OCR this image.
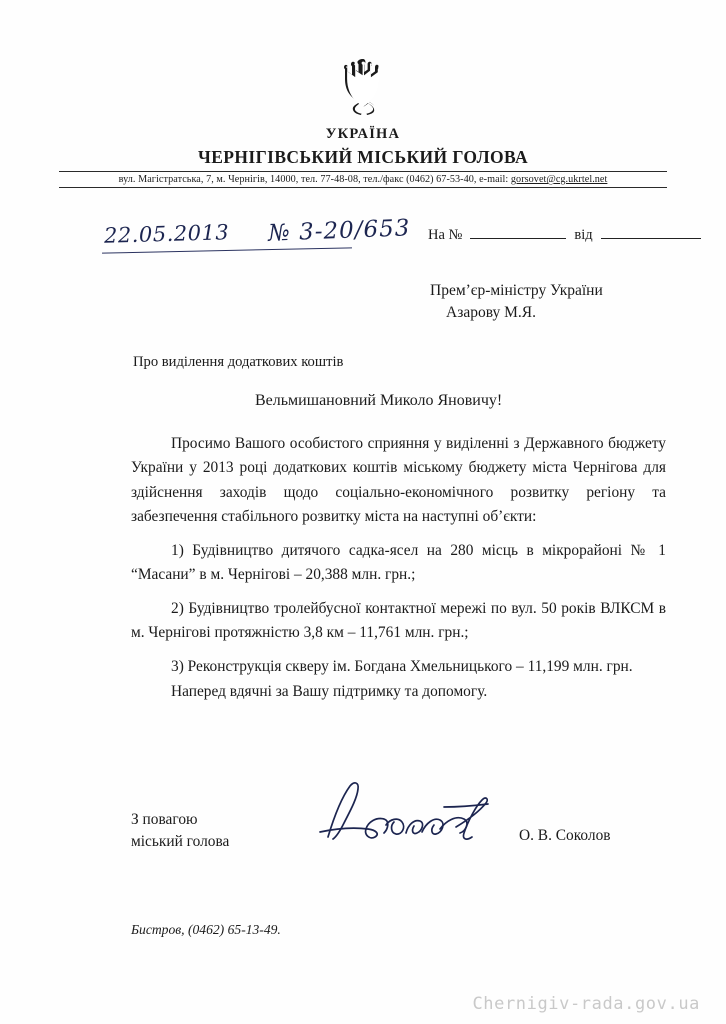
УКРАЇНА
ЧЕРНІГІВСЬКИЙ МІСЬКИЙ ГОЛОВА
вул. Магістратська, 7, м. Чернігів, 14000, тел. 77-48-08, тел./факс (0462) 67-53-40, e-mail: gorsovet@cg.ukrtel.net
22.05.2013 № 3-20/653 На №	від
Прем’єр-міністру України
Азарову М.Я.
Про виділення додаткових коштів
Вельмишановний Миколо Яновичу!

Просимо Вашого особистого сприяння у виділенні з Державного бюджету України у 2013 році додаткових коштів міському бюджету міста Чернігова для здійснення заходів щодо соціально-економічного розвитку регіону та забезпечення стабільного розвитку міста на наступні об’єкти:

1) Будівництво дитячого садка-ясел на 280 місць в мікрорайоні № 1 “Масани” в м. Чернігові – 20,388 млн. грн.;

2) Будівництво тролейбусної контактної мережі по вул. 50 років ВЛКСМ в м. Чернігові протяжністю 3,8 км – 11,761 млн. грн.;

3) Реконструкція скверу ім. Богдана Хмельницького – 11,199 млн. грн.

Наперед вдячні за Вашу підтримку та допомогу.

З повагою
міський голова	О. В. Соколов
Бистров, (0462) 65-13-49.
Chernigiv-rada.gov.ua
